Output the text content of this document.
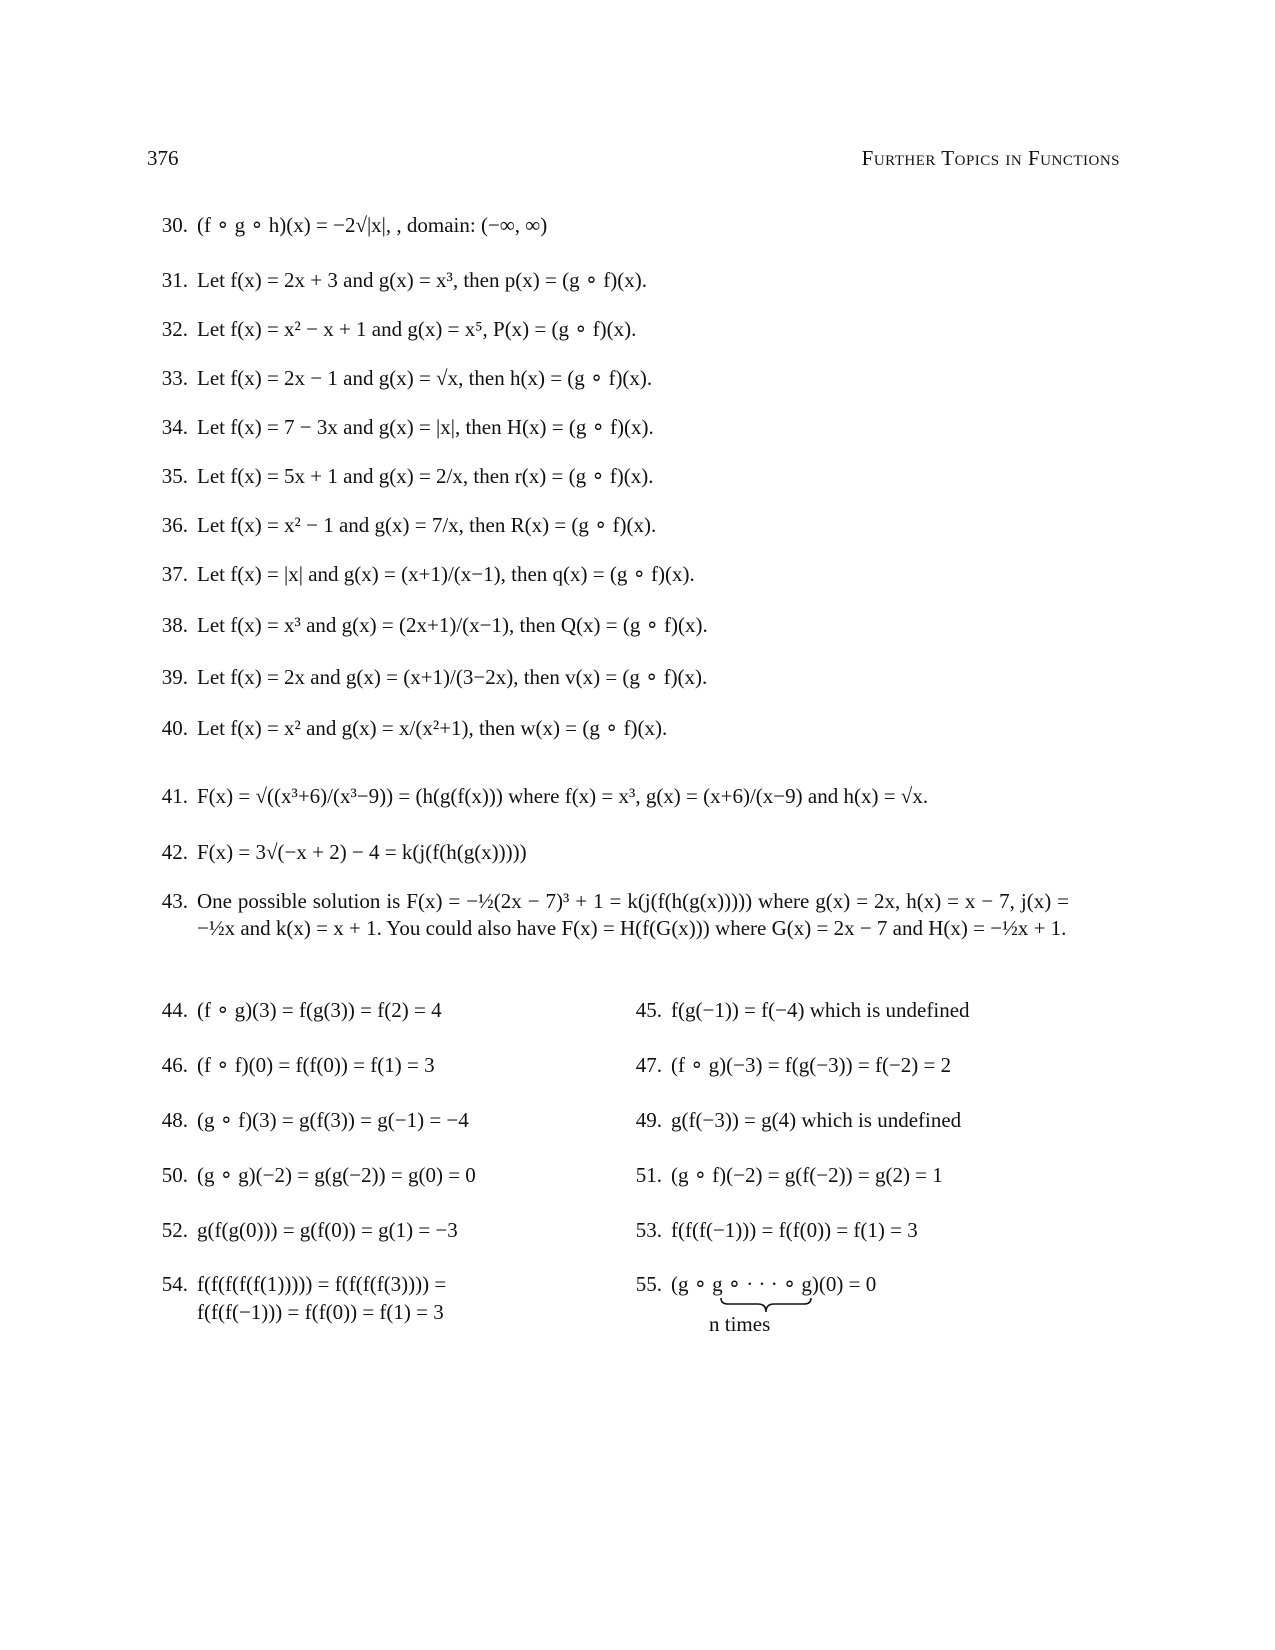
376	Further Topics in Functions
30. (f ∘ g ∘ h)(x) = −2√|x|, , domain: (−∞, ∞)
31. Let f(x) = 2x + 3 and g(x) = x³, then p(x) = (g ∘ f)(x).
32. Let f(x) = x² − x + 1 and g(x) = x⁵, P(x) = (g ∘ f)(x).
33. Let f(x) = 2x − 1 and g(x) = √x, then h(x) = (g ∘ f)(x).
34. Let f(x) = 7 − 3x and g(x) = |x|, then H(x) = (g ∘ f)(x).
35. Let f(x) = 5x + 1 and g(x) = 2/x, then r(x) = (g ∘ f)(x).
36. Let f(x) = x² − 1 and g(x) = 7/x, then R(x) = (g ∘ f)(x).
37. Let f(x) = |x| and g(x) = (x+1)/(x−1), then q(x) = (g ∘ f)(x).
38. Let f(x) = x³ and g(x) = (2x+1)/(x−1), then Q(x) = (g ∘ f)(x).
39. Let f(x) = 2x and g(x) = (x+1)/(3−2x), then v(x) = (g ∘ f)(x).
40. Let f(x) = x² and g(x) = x/(x²+1), then w(x) = (g ∘ f)(x).
41. F(x) = √((x³+6)/(x³−9)) = (h(g(f(x))) where f(x) = x³, g(x) = (x+6)/(x−9) and h(x) = √x.
42. F(x) = 3√(−x + 2) − 4 = k(j(f(h(g(x)))))
43. One possible solution is F(x) = −½(2x − 7)³ + 1 = k(j(f(h(g(x))))) where g(x) = 2x, h(x) = x − 7, j(x) = −½x and k(x) = x + 1. You could also have F(x) = H(f(G(x))) where G(x) = 2x − 7 and H(x) = −½x + 1.
44. (f ∘ g)(3) = f(g(3)) = f(2) = 4	45. f(g(−1)) = f(−4) which is undefined
46. (f ∘ f)(0) = f(f(0)) = f(1) = 3	47. (f ∘ g)(−3) = f(g(−3)) = f(−2) = 2
48. (g ∘ f)(3) = g(f(3)) = g(−1) = −4	49. g(f(−3)) = g(4) which is undefined
50. (g ∘ g)(−2) = g(g(−2)) = g(0) = 0	51. (g ∘ f)(−2) = g(f(−2)) = g(2) = 1
52. g(f(g(0))) = g(f(0)) = g(1) = −3	53. f(f(f(−1))) = f(f(0)) = f(1) = 3
54. f(f(f(f(f(1))))) = f(f(f(f(3)))) =
f(f(f(−1))) = f(f(0)) = f(1) = 3
55. (g ∘ g ∘ · · · ∘ g)(0) = 0
n times
